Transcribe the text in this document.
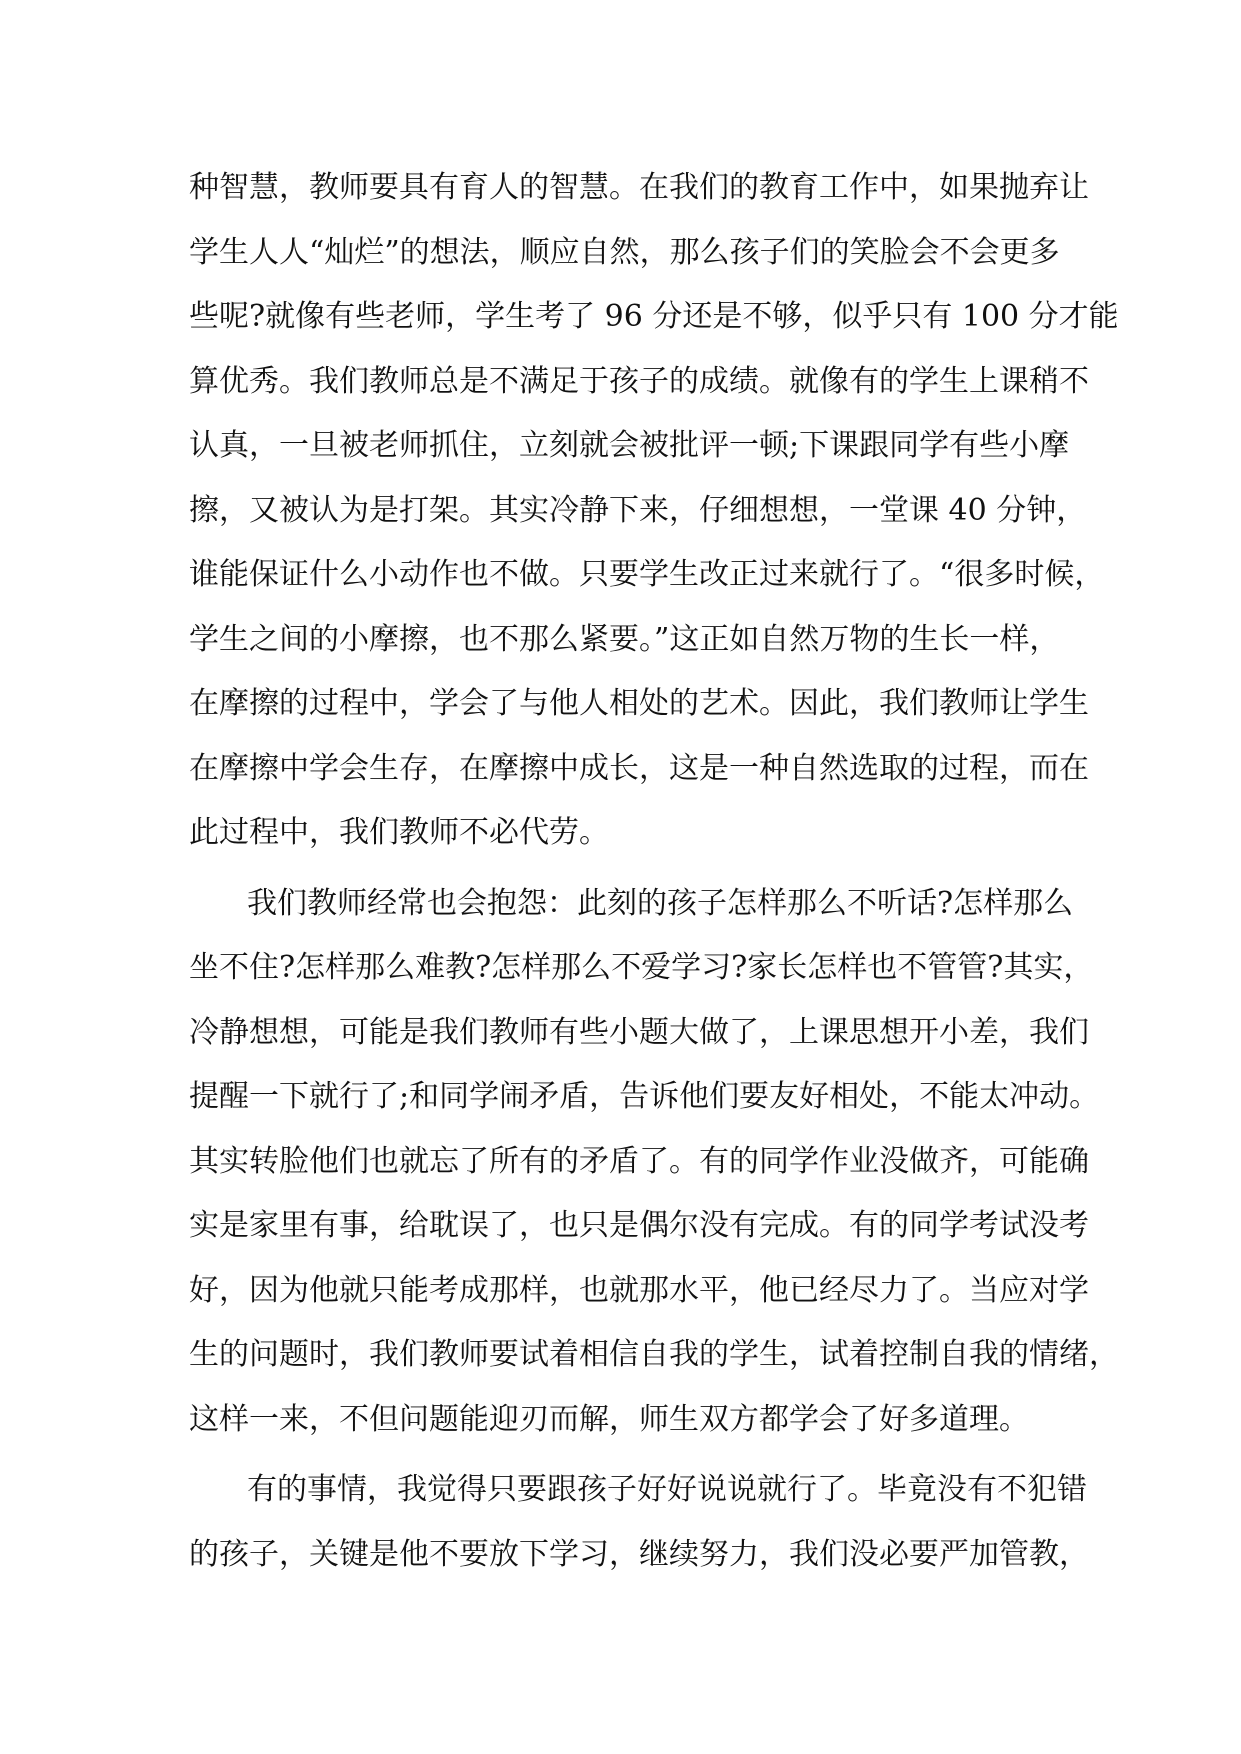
种智慧，教师要具有育人的智慧。在我们的教育工作中，如果抛弃让
学生人人“灿烂”的想法，顺应自然，那么孩子们的笑脸会不会更多
些呢?就像有些老师，学生考了 96 分还是不够，似乎只有 100 分才能
算优秀。我们教师总是不满足于孩子的成绩。就像有的学生上课稍不
认真，一旦被老师抓住，立刻就会被批评一顿;下课跟同学有些小摩
擦，又被认为是打架。其实冷静下来，仔细想想，一堂课 40 分钟，
谁能保证什么小动作也不做。只要学生改正过来就行了。“很多时候，
学生之间的小摩擦，也不那么紧要。”这正如自然万物的生长一样，
在摩擦的过程中，学会了与他人相处的艺术。因此，我们教师让学生
在摩擦中学会生存，在摩擦中成长，这是一种自然选取的过程，而在
此过程中，我们教师不必代劳。
我们教师经常也会抱怨：此刻的孩子怎样那么不听话?怎样那么
坐不住?怎样那么难教?怎样那么不爱学习?家长怎样也不管管?其实，
冷静想想，可能是我们教师有些小题大做了，上课思想开小差，我们
提醒一下就行了;和同学闹矛盾，告诉他们要友好相处，不能太冲动。
其实转脸他们也就忘了所有的矛盾了。有的同学作业没做齐，可能确
实是家里有事，给耽误了，也只是偶尔没有完成。有的同学考试没考
好，因为他就只能考成那样，也就那水平，他已经尽力了。当应对学
生的问题时，我们教师要试着相信自我的学生，试着控制自我的情绪，
这样一来，不但问题能迎刃而解，师生双方都学会了好多道理。
有的事情，我觉得只要跟孩子好好说说就行了。毕竟没有不犯错
的孩子，关键是他不要放下学习，继续努力，我们没必要严加管教，
